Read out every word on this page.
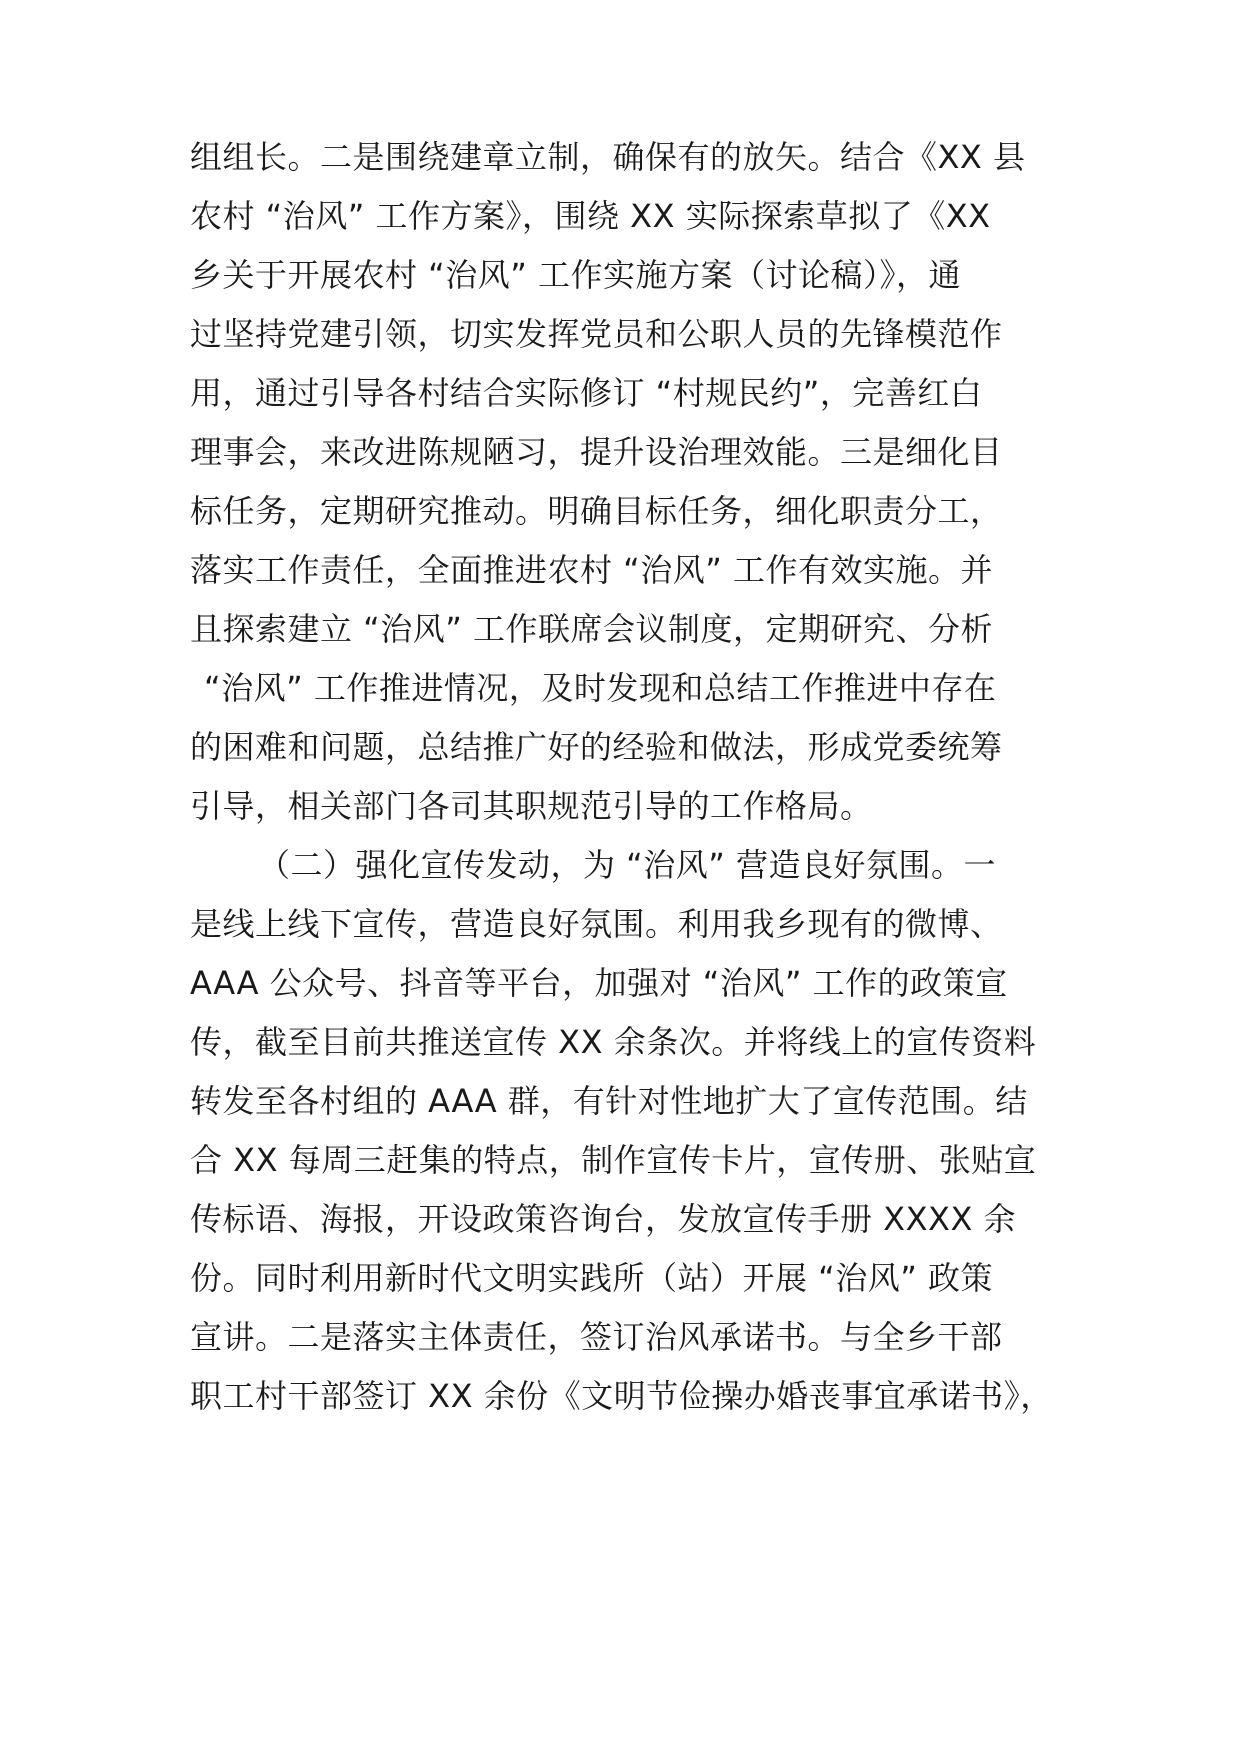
组组长。二是围绕建章立制，确保有的放矢。结合《XX 县
农村 “治风” 工作方案》，围绕 XX 实际探索草拟了《XX
乡关于开展农村 “治风” 工作实施方案（讨论稿）》，通
过坚持党建引领，切实发挥党员和公职人员的先锋模范作
用，通过引导各村结合实际修订 “村规民约”，完善红白
理事会，来改进陈规陋习，提升设治理效能。三是细化目
标任务，定期研究推动。明确目标任务，细化职责分工，
落实工作责任，全面推进农村 “治风” 工作有效实施。并
且探索建立 “治风” 工作联席会议制度，定期研究、分析
“治风” 工作推进情况，及时发现和总结工作推进中存在
的困难和问题，总结推广好的经验和做法，形成党委统筹
引导，相关部门各司其职规范引导的工作格局。
（二）强化宣传发动，为 “治风” 营造良好氛围。一
是线上线下宣传，营造良好氛围。利用我乡现有的微博、
AAA 公众号、抖音等平台，加强对 “治风” 工作的政策宣
传，截至目前共推送宣传 XX 余条次。并将线上的宣传资料
转发至各村组的 AAA 群，有针对性地扩大了宣传范围。结
合 XX 每周三赶集的特点，制作宣传卡片，宣传册、张贴宣
传标语、海报，开设政策咨询台，发放宣传手册 XXXX 余
份。同时利用新时代文明实践所（站）开展 “治风” 政策
宣讲。二是落实主体责任，签订治风承诺书。与全乡干部
职工村干部签订 XX 余份《文明节俭操办婚丧事宜承诺书》，
